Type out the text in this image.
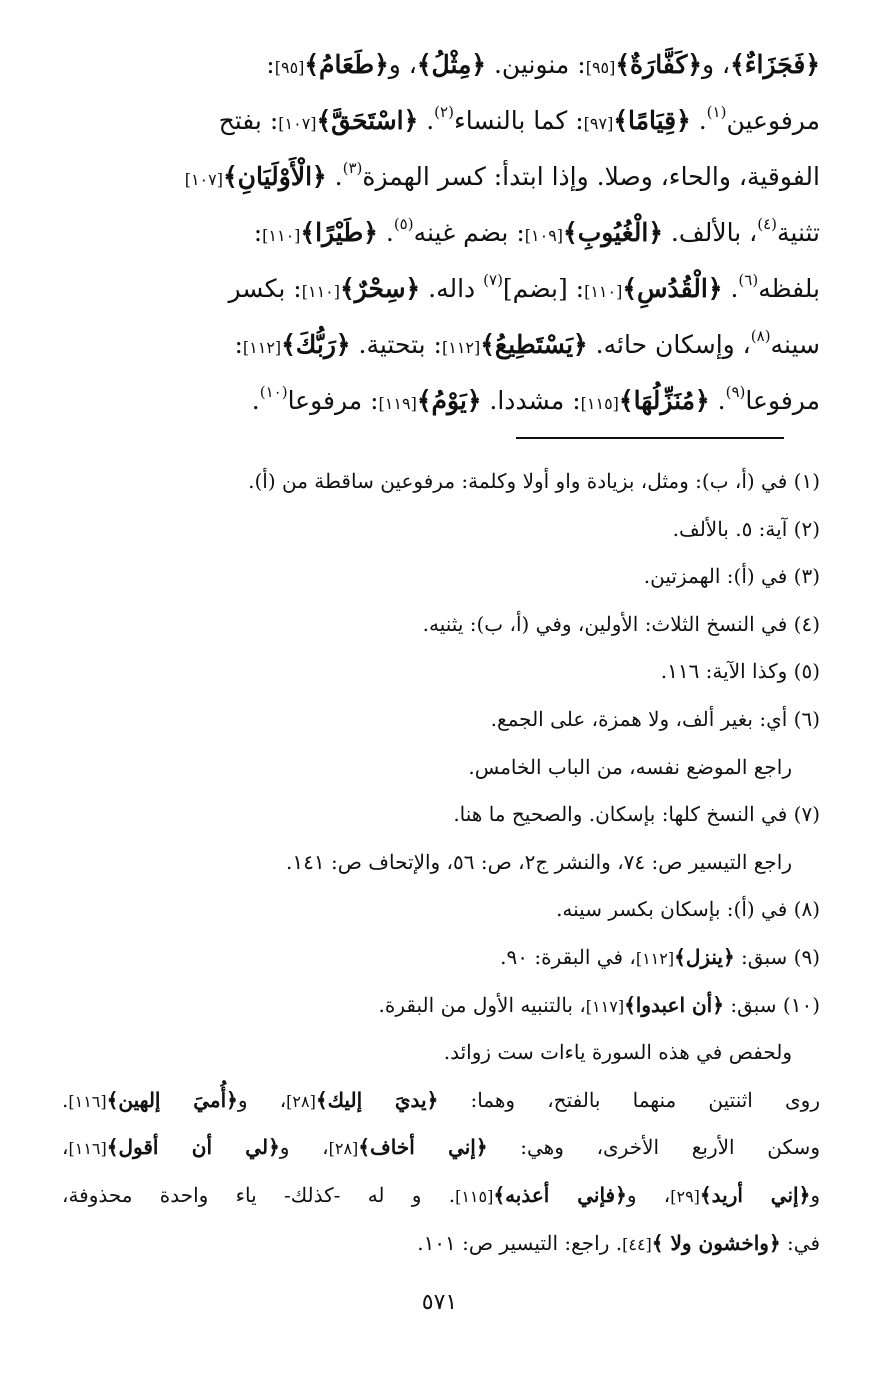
﴿فَجَزَاءٌ﴾، و﴿كَفَّارَةٌ﴾[٩٥]: منونين. ﴿مِثْلُ﴾، و﴿طَعَامُ﴾[٩٥]:
مرفوعين$^{(١)}$. ﴿قِيَامًا﴾[٩٧]: كما بالنساء$^{(٢)}$. ﴿اسْتَحَقَّ﴾[١٠٧]: بفتح
الفوقية، والحاء، وصلا. وإذا ابتدأ: كسر الهمزة$^{(٣)}$. ﴿الْأَوْلَيَانِ﴾[١٠٧]
تثنية$^{(٤)}$، بالألف. ﴿الْغُيُوبِ﴾[١٠٩]: بضم غينه$^{(٥)}$. ﴿طَيْرًا﴾[١١٠]:
بلفظه$^{(٦)}$. ﴿الْقُدُسِ﴾[١١٠]: [بضم]$^{(٧)}$ داله. ﴿سِحْرٌ﴾[١١٠]: بكسر
سينه$^{(٨)}$، وإسكان حائه. ﴿يَسْتَطِيعُ﴾[١١٢]: بتحتية. ﴿رَبُّكَ﴾[١١٢]:
مرفوعا$^{(٩)}$. ﴿مُنَزِّلُهَا﴾[١١٥]: مشددا. ﴿يَوْمُ﴾[١١٩]: مرفوعا$^{(١٠)}$.
(١) في (أ، ب): ومثل، بزيادة واو أولا وكلمة: مرفوعين ساقطة من (أ).
(٢) آية: ٥. بالألف.
(٣) في (أ): الهمزتين.
(٤) في النسخ الثلاث: الأولين، وفي (أ، ب): يثنيه.
(٥) وكذا الآية: ١١٦.
(٦) أي: بغير ألف، ولا همزة، على الجمع.
راجع الموضع نفسه، من الباب الخامس.
(٧) في النسخ كلها: بإسكان. والصحيح ما هنا.
راجع التيسير ص: ٧٤، والنشر ج٢، ص: ٥٦، والإتحاف ص: ١٤١.
(٨) في (أ): بإسكان بكسر سينه.
(٩) سبق: ﴿ينزل﴾[١١٢]، في البقرة: ٩٠.
(١٠) سبق: ﴿أن اعبدوا﴾[١١٧]، بالتنبيه الأول من البقرة.
ولحفص في هذه السورة ياءات ست زوائد.
روى اثنتين منهما بالفتح، وهما: ﴿يديَ إليك﴾[٢٨]، و﴿أُميَ إلهين﴾[١١٦].
وسكن الأربع الأخرى، وهي: ﴿إني أخاف﴾[٢٨]، و﴿لي أن أقول﴾[١١٦]،
و﴿إني أريد﴾[٢٩]، و﴿فإني أعذبه﴾[١١٥]. و له -كذلك- ياء واحدة محذوفة،
في: ﴿واخشون ولا ﴾[٤٤]. راجع: التيسير ص: ١٠١.
٥٧١
